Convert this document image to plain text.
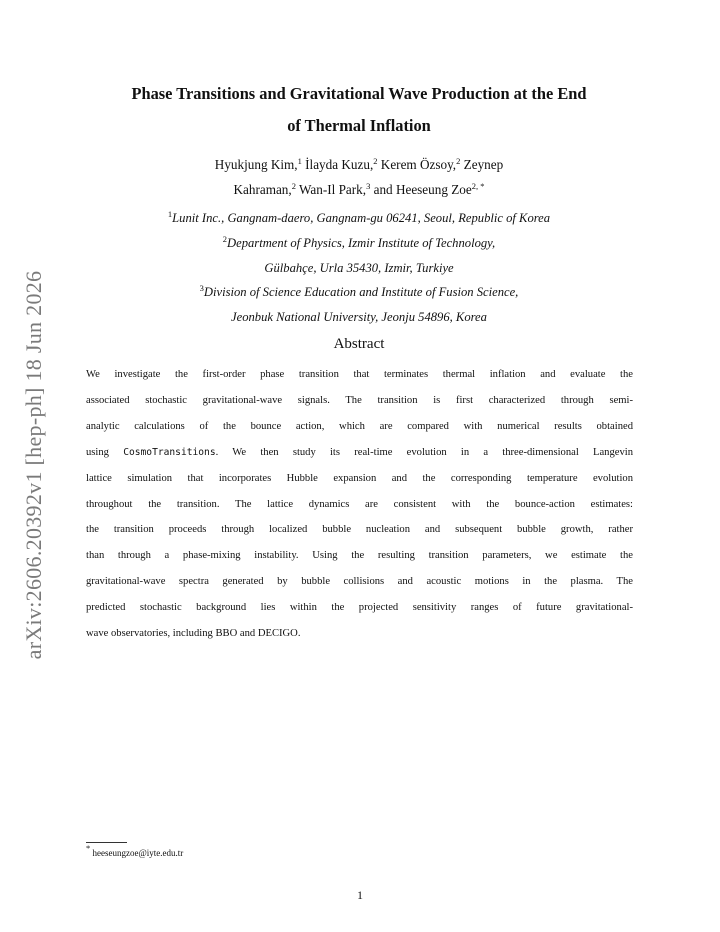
arXiv:2606.20392v1 [hep-ph] 18 Jun 2026
Phase Transitions and Gravitational Wave Production at the End
of Thermal Inflation
Hyukjung Kim,$^1$ İlayda Kuzu,$^2$ Kerem Özsoy,$^2$ Zeynep
Kahraman,$^2$ Wan-Il Park,$^3$ and Heeseung Zoe$^{2, *}$
$^1$Lunit Inc., Gangnam-daero, Gangnam-gu 06241, Seoul, Republic of Korea
$^2$Department of Physics, Izmir Institute of Technology,
Gülbahçe, Urla 35430, Izmir, Turkiye
$^3$Division of Science Education and Institute of Fusion Science,
Jeonbuk National University, Jeonju 54896, Korea
Abstract
We investigate the first-order phase transition that terminates thermal inflation and evaluate the
associated stochastic gravitational-wave signals. The transition is first characterized through semi-
analytic calculations of the bounce action, which are compared with numerical results obtained
using CosmoTransitions. We then study its real-time evolution in a three-dimensional Langevin
lattice simulation that incorporates Hubble expansion and the corresponding temperature evolution
throughout the transition. The lattice dynamics are consistent with the bounce-action estimates:
the transition proceeds through localized bubble nucleation and subsequent bubble growth, rather
than through a phase-mixing instability. Using the resulting transition parameters, we estimate the
gravitational-wave spectra generated by bubble collisions and acoustic motions in the plasma. The
predicted stochastic background lies within the projected sensitivity ranges of future gravitational-
wave observatories, including BBO and DECIGO.
* heeseungzoe@iyte.edu.tr
1
